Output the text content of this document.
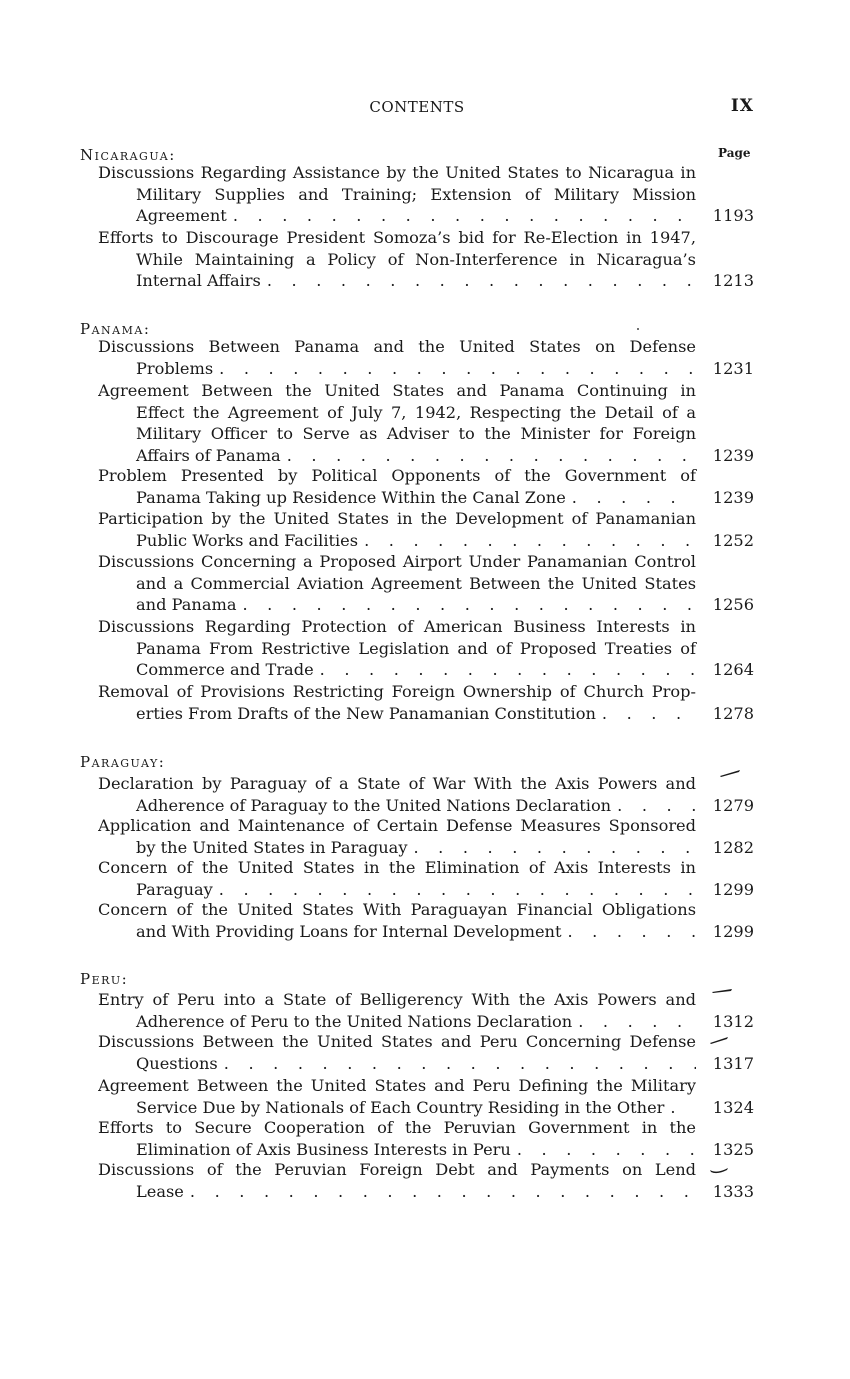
CONTENTS	IX
Page
Nicaragua:
Discussions Regarding Assistance by the United States to Nicaragua in
Military Supplies and Training; Extension of Military Mission
Agreement . . .	1193
Efforts to Discourage President Somoza’s bid for Re-Election in 1947,
While Maintaining a Policy of Non-Interference in Nicaragua’s
Internal Affairs . . .	1213
Panama:
Discussions Between Panama and the United States on Defense
Problems . . .	1231
Agreement Between the United States and Panama Continuing in
Effect the Agreement of July 7, 1942, Respecting the Detail of a
Military Officer to Serve as Adviser to the Minister for Foreign
Affairs of Panama . . .	1239
Problem Presented by Political Opponents of the Government of
Panama Taking up Residence Within the Canal Zone . . .	1239
Participation by the United States in the Development of Panamanian
Public Works and Facilities . . .	1252
Discussions Concerning a Proposed Airport Under Panamanian Control
and a Commercial Aviation Agreement Between the United States
and Panama . . .	1256
Discussions Regarding Protection of American Business Interests in
Panama From Restrictive Legislation and of Proposed Treaties of
Commerce and Trade . . .	1264
Removal of Provisions Restricting Foreign Ownership of Church Prop-
erties From Drafts of the New Panamanian Constitution . . .	1278
Paraguay:
Declaration by Paraguay of a State of War With the Axis Powers and
Adherence of Paraguay to the United Nations Declaration . . .	1279
Application and Maintenance of Certain Defense Measures Sponsored
by the United States in Paraguay . . .	1282
Concern of the United States in the Elimination of Axis Interests in
Paraguay . . .	1299
Concern of the United States With Paraguayan Financial Obligations
and With Providing Loans for Internal Development . . .	1299
Peru:
Entry of Peru into a State of Belligerency With the Axis Powers and
Adherence of Peru to the United Nations Declaration . . .	1312
Discussions Between the United States and Peru Concerning Defense
Questions . . .	1317
Agreement Between the United States and Peru Defining the Military
Service Due by Nationals of Each Country Residing in the Other . . .	1324
Efforts to Secure Cooperation of the Peruvian Government in the
Elimination of Axis Business Interests in Peru . . .	1325
Discussions of the Peruvian Foreign Debt and Payments on Lend
Lease . . .	1333
